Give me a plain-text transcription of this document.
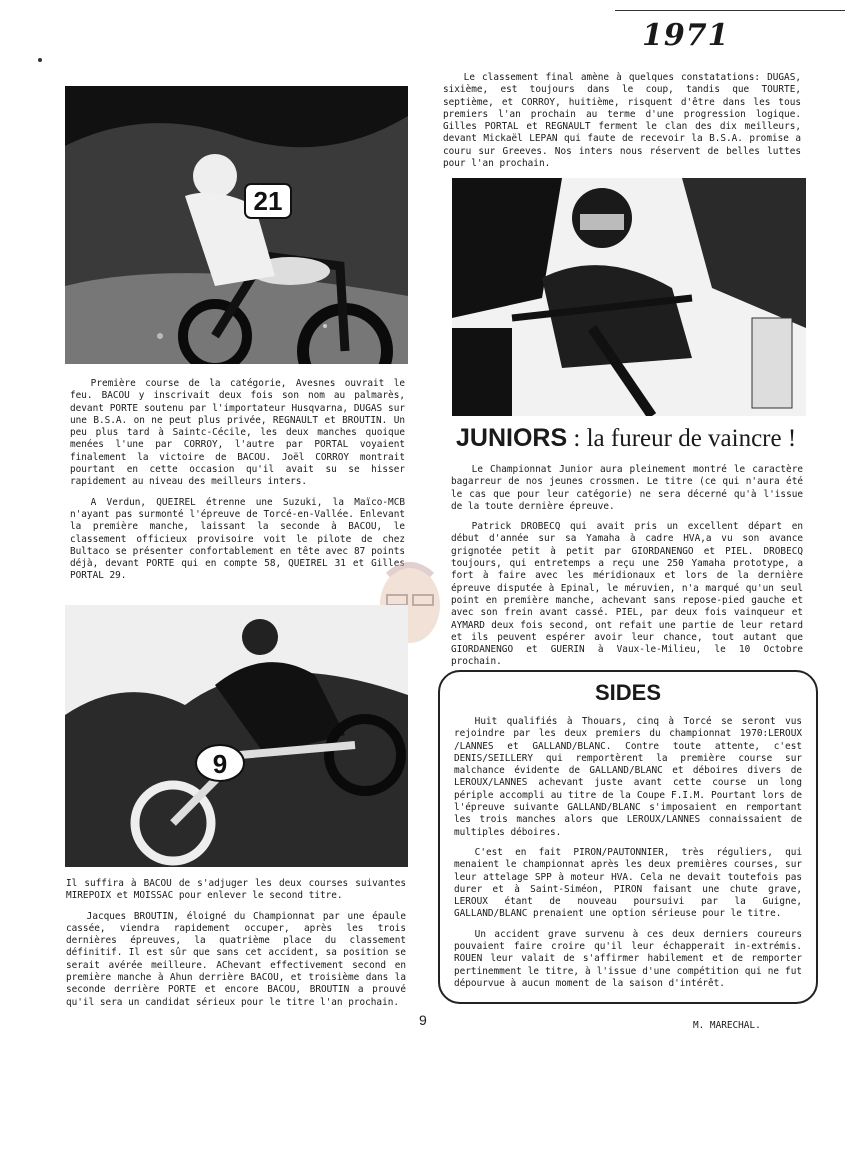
1971
21

Première course de la catégorie, Avesnes ouvrait le feu. BACOU y inscrivait deux fois son nom au palmarès, devant PORTE soutenu par l'importateur Husqvarna, DUGAS sur une B.S.A. on ne peut plus privée, REGNAULT et BROUTIN. Un peu plus tard à Saintc-Cécile, les deux manches quoique menées l'une par CORROY, l'autre par PORTAL voyaient finalement la victoire de BACOU. Joël CORROY montrait pourtant en cette occasion qu'il avait su se hisser rapidement au niveau des meilleurs inters.

A Verdun, QUEIREL étrenne une Suzuki, la Maïco-MCB n'ayant pas surmonté l'épreuve de Torcé-en-Vallée. Enlevant la première manche, laissant la seconde à BACOU, le classement officieux provisoire voit le pilote de chez Bultaco se présenter confortablement en tête avec 87 points déjà, devant PORTE qui en compte 58, QUEIREL 31 et Gilles PORTAL 29.

9

Il suffira à BACOU de s'adjuger les deux courses suivantes MIREPOIX et MOISSAC pour enlever le second titre.

Jacques BROUTIN, éloigné du Championnat par une épaule cassée, viendra rapidement occuper, après les trois dernières épreuves, la quatrième place du classement définitif. Il est sûr que sans cet accident, sa position se serait avérée meilleure. AChevant effectivement second en première manche à Ahun derrière BACOU, et troisième dans la seconde derrière PORTE et encore BACOU, BROUTIN a prouvé qu'il sera un candidat sérieux pour le titre l'an prochain.

Le classement final amène à quelques constatations: DUGAS, sixième, est toujours dans le coup, tandis que TOURTE, septième, et CORROY, huitième, risquent d'être dans les tous premiers l'an prochain au terme d'une progression logique. Gilles PORTAL et REGNAULT ferment le clan des dix meilleurs, devant Mickaël LEPAN qui faute de recevoir la B.S.A. promise a couru sur Greeves. Nos inters nous réservent de belles luttes pour l'an prochain.

JUNIORS : la fureur de vaincre !

Le Championnat Junior aura pleinement montré le caractère bagarreur de nos jeunes crossmen. Le titre (ce qui n'aura été le cas que pour leur catégorie) ne sera décerné qu'à l'issue de la toute dernière épreuve.

Patrick DROBECQ qui avait pris un excellent départ en début d'année sur sa Yamaha à cadre HVA,a vu son avance grignotée petit à petit par GIORDANENGO et PIEL. DROBECQ toujours, qui entretemps a reçu une 250 Yamaha prototype, a fort à faire avec les méridionaux et lors de la dernière épreuve disputée à Epinal, le méruvien, n'a marqué qu'un seul point en première manche, achevant sans repose-pied gauche et avec son frein avant cassé. PIEL, par deux fois vainqueur et AYMARD deux fois second, ont refait une partie de leur retard et ils peuvent espérer avoir leur chance, tout autant que GIORDANENGO et GUERIN à Vaux-le-Milieu, le 10 Octobre prochain.

SIDES

Huit qualifiés à Thouars, cinq à Torcé se seront vus rejoindre par les deux premiers du championnat 1970:LEROUX /LANNES et GALLAND/BLANC. Contre toute attente, c'est DENIS/SEILLERY qui remportèrent la première course sur malchance évidente de GALLAND/BLANC et déboires divers de LEROUX/LANNES achevant juste avant cette course un long périple accompli au titre de la Coupe F.I.M. Pourtant lors de l'épreuve suivante GALLAND/BLANC s'imposaient en remportant les trois manches alors que LEROUX/LANNES connaissaient de multiples déboires.

C'est en fait PIRON/PAUTONNIER, très réguliers, qui menaient le championnat après les deux premières courses, sur leur attelage SPP à moteur HVA. Cela ne devait toutefois pas durer et à Saint-Siméon, PIRON faisant une chute grave, LEROUX étant de nouveau poursuivi par la Guigne, GALLAND/BLANC prenaient une option sérieuse pour le titre.

Un accident grave survenu à ces deux derniers coureurs pouvaient faire croire qu'il leur échapperait in-extrémis. ROUEN leur valait de s'affirmer habilement et de remporter pertinemment le titre, à l'issue d'une compétition qui ne fut dépourvue à aucun moment de la saison d'intérêt.

M. MARECHAL.
9
